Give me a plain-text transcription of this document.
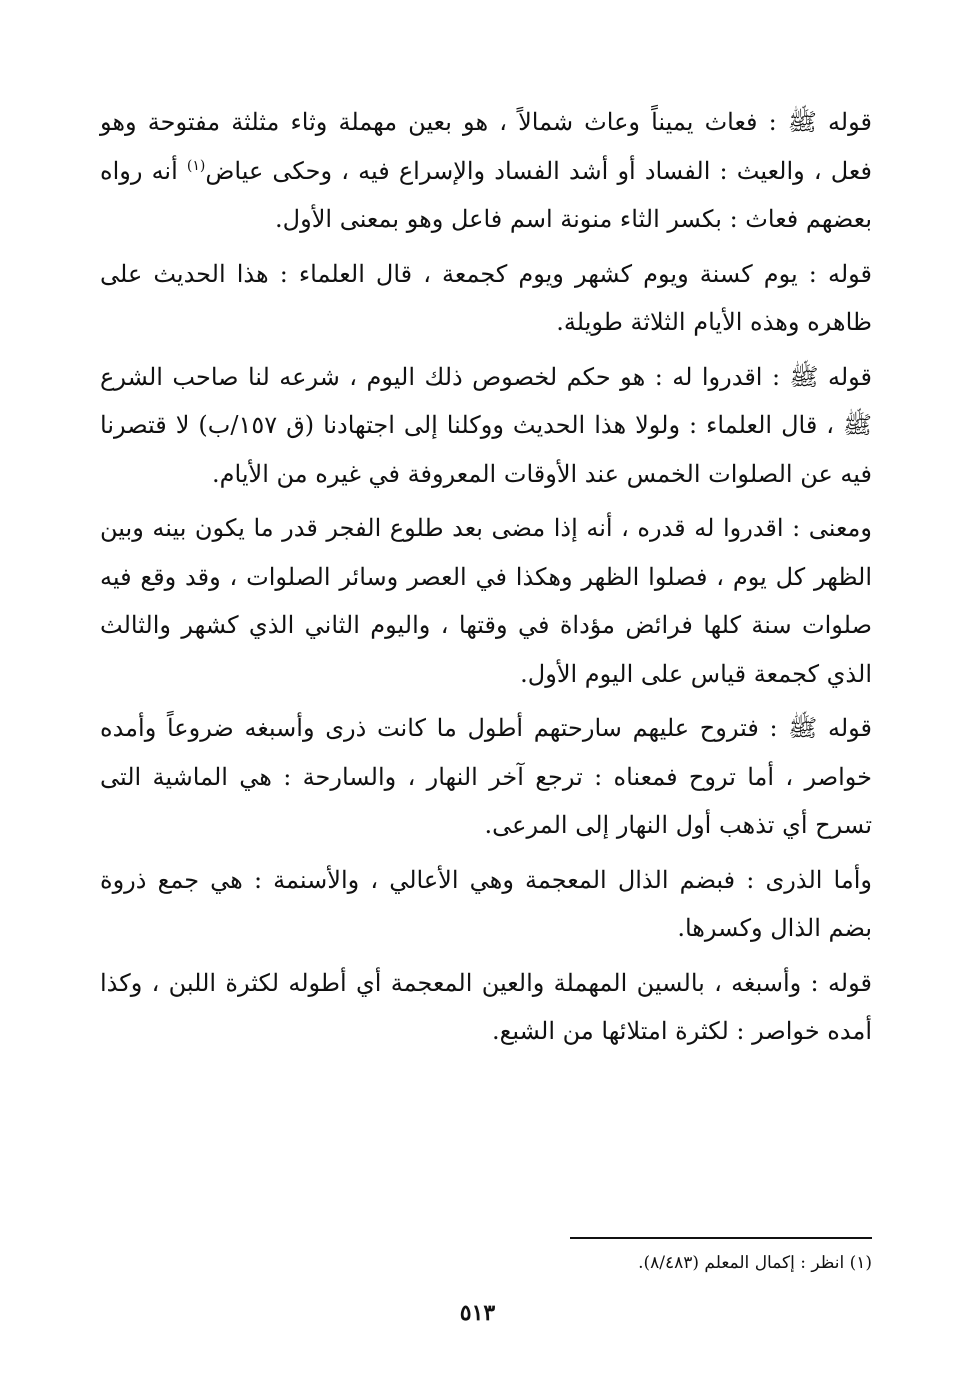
قوله ﷺ : فعاث يميناً وعاث شمالاً ، هو بعين مهملة وثاء مثلثة مفتوحة وهو فعل ، والعيث : الفساد أو أشد الفساد والإسراع فيه ، وحكى عياض$^{(١)}$ أنه رواه بعضهم فعاث : بكسر الثاء منونة اسم فاعل وهو بمعنى الأول.

قوله : يوم كسنة ويوم كشهر ويوم كجمعة ، قال العلماء : هذا الحديث على ظاهره وهذه الأيام الثلاثة طويلة.

قوله ﷺ : اقدروا له : هو حكم لخصوص ذلك اليوم ، شرعه لنا صاحب الشرع ﷺ ، قال العلماء : ولولا هذا الحديث ووكلنا إلى اجتهادنا (ق ١٥٧/ب) لا قتصرنا فيه عن الصلوات الخمس عند الأوقات المعروفة في غيره من الأيام.

ومعنى : اقدروا له قدره ، أنه إذا مضى بعد طلوع الفجر قدر ما يكون بينه وبين الظهر كل يوم ، فصلوا الظهر وهكذا في العصر وسائر الصلوات ، وقد وقع فيه صلوات سنة كلها فرائض مؤداة في وقتها ، واليوم الثاني الذي كشهر والثالث الذي كجمعة قياس على اليوم الأول.

قوله ﷺ : فتروح عليهم سارحتهم أطول ما كانت ذرى وأسبغه ضروعاً وأمده خواصر ، أما تروح فمعناه : ترجع آخر النهار ، والسارحة : هي الماشية التى تسرح أي تذهب أول النهار إلى المرعى.

وأما الذرى : فبضم الذال المعجمة وهي الأعالي ، والأسنمة : هي جمع ذروة بضم الذال وكسرها.

قوله : وأسبغه ، بالسين المهملة والعين المعجمة أي أطوله لكثرة اللبن ، وكذا أمده خواصر : لكثرة امتلائها من الشبع.

(١) انظر : إكمال المعلم (٨/٤٨٣).
٥١٣
